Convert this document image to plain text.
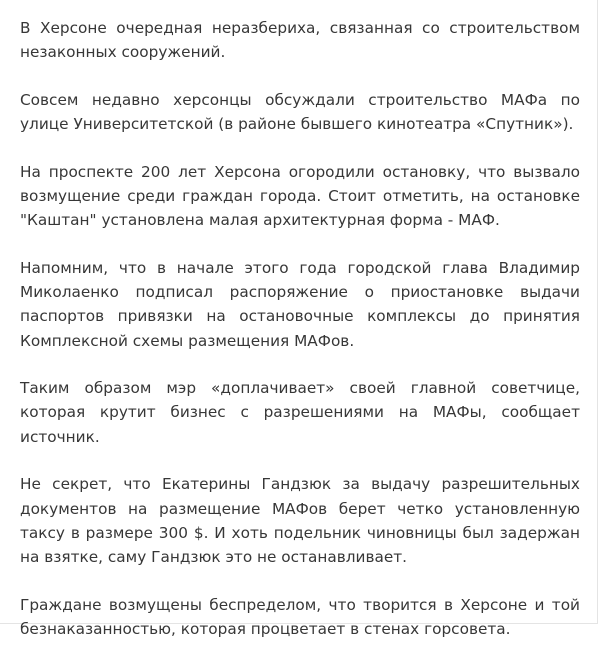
В Херсоне очередная неразбериха, связанная со строительством незаконных сооружений.

Совсем недавно херсонцы обсуждали строительство МАФа по улице Университетской (в районе бывшего кинотеатра «Спутник»).

На проспекте 200 лет Херсона огородили остановку, что вызвало возмущение среди граждан города. Стоит отметить, на остановке "Каштан" установлена малая архитектурная форма - МАФ.

Напомним, что в начале этого года городской глава Владимир Миколаенко подписал распоряжение о приостановке выдачи паспортов привязки на остановочные комплексы до принятия Комплексной схемы размещения МАФов.

Таким образом мэр «доплачивает» своей главной советчице, которая крутит бизнес с разрешениями на МАФы, сообщает источник.

Не секрет, что Екатерины Гандзюк за выдачу разрешительных документов на размещение МАФов берет четко установленную таксу в размере 300 $. И хоть подельник чиновницы был задержан на взятке, саму Гандзюк это не останавливает.

Граждане возмущены беспределом, что творится в Херсоне и той безнаказанностью, которая процветает в стенах горсовета.
